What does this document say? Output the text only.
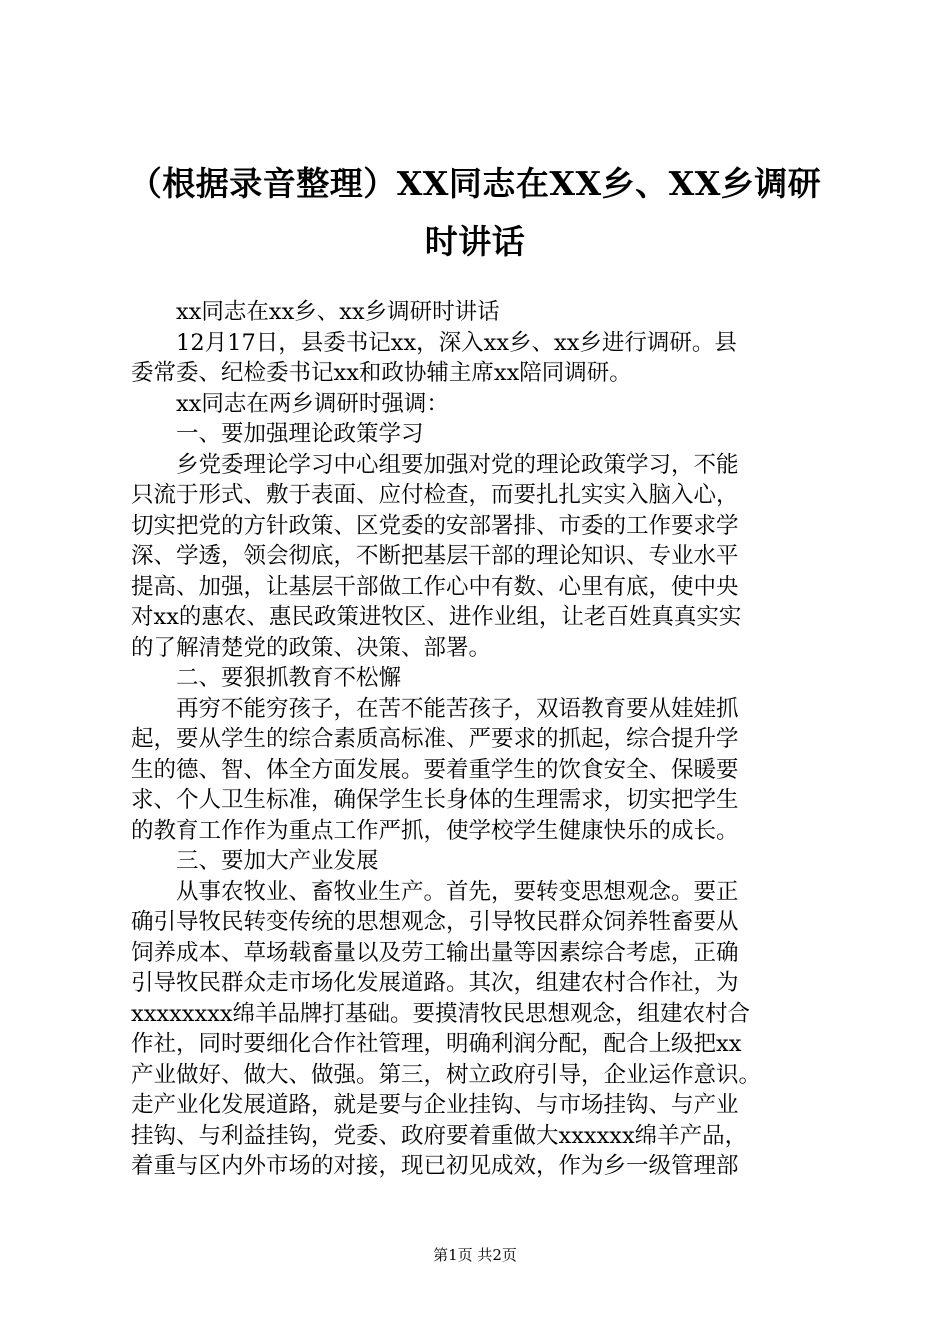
（根据录音整理）XX同志在XX乡、XX乡调研
时讲话
　　xx同志在xx乡、xx乡调研时讲话
　　12月17日，县委书记xx，深入xx乡、xx乡进行调研。县
委常委、纪检委书记xx和政协辅主席xx陪同调研。
　　xx同志在两乡调研时强调：
　　一、要加强理论政策学习
　　乡党委理论学习中心组要加强对党的理论政策学习，不能
只流于形式、敷于表面、应付检查，而要扎扎实实入脑入心，
切实把党的方针政策、区党委的安部署排、市委的工作要求学
深、学透，领会彻底，不断把基层干部的理论知识、专业水平
提高、加强，让基层干部做工作心中有数、心里有底，使中央
对xx的惠农、惠民政策进牧区、进作业组，让老百姓真真实实
的了解清楚党的政策、决策、部署。
　　二、要狠抓教育不松懈
　　再穷不能穷孩子，在苦不能苦孩子，双语教育要从娃娃抓
起，要从学生的综合素质高标准、严要求的抓起，综合提升学
生的德、智、体全方面发展。要着重学生的饮食安全、保暖要
求、个人卫生标准，确保学生长身体的生理需求，切实把学生
的教育工作作为重点工作严抓，使学校学生健康快乐的成长。
　　三、要加大产业发展
　　从事农牧业、畜牧业生产。首先，要转变思想观念。要正
确引导牧民转变传统的思想观念，引导牧民群众饲养牲畜要从
饲养成本、草场载畜量以及劳工输出量等因素综合考虑，正确
引导牧民群众走市场化发展道路。其次，组建农村合作社，为
xxxxxxxx绵羊品牌打基础。要摸清牧民思想观念，组建农村合
作社，同时要细化合作社管理，明确利润分配，配合上级把xx
产业做好、做大、做强。第三，树立政府引导，企业运作意识。
走产业化发展道路，就是要与企业挂钩、与市场挂钩、与产业
挂钩、与利益挂钩，党委、政府要着重做大xxxxxx绵羊产品，
着重与区内外市场的对接，现已初见成效，作为乡一级管理部
第1页 共2页
